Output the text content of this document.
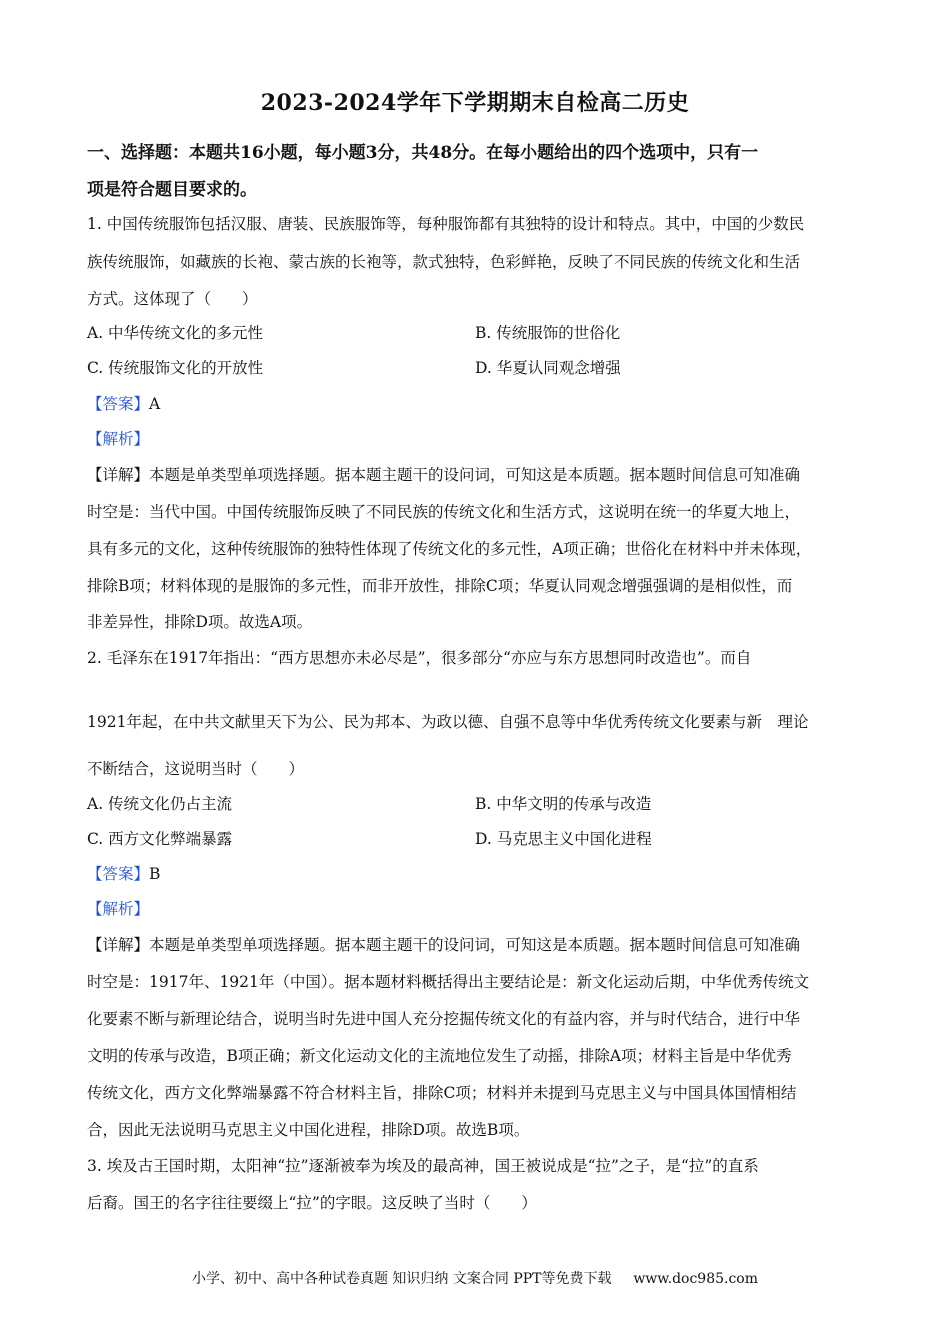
2023-2024学年下学期期末自检高二历史
一、选择题：本题共16小题，每小题3分，共48分。在每小题给出的四个选项中，只有一
项是符合题目要求的。
1. 中国传统服饰包括汉服、唐装、民族服饰等，每种服饰都有其独特的设计和特点。其中，中国的少数民
族传统服饰，如藏族的长袍、蒙古族的长袍等，款式独特，色彩鲜艳，反映了不同民族的传统文化和生活
方式。这体现了（　　）
A. 中华传统文化的多元性	B. 传统服饰的世俗化
C. 传统服饰文化的开放性	D. 华夏认同观念增强
【答案】A
【解析】
【详解】本题是单类型单项选择题。据本题主题干的设问词，可知这是本质题。据本题时间信息可知准确
时空是：当代中国。中国传统服饰反映了不同民族的传统文化和生活方式，这说明在统一的华夏大地上，
具有多元的文化，这种传统服饰的独特性体现了传统文化的多元性，A项正确；世俗化在材料中并未体现，
排除B项；材料体现的是服饰的多元性，而非开放性，排除C项；华夏认同观念增强强调的是相似性，而
非差异性，排除D项。故选A项。
2. 毛泽东在1917年指出：“西方思想亦未必尽是”，很多部分“亦应与东方思想同时改造也”。而自
1921年起，在中共文献里天下为公、民为邦本、为政以德、自强不息等中华优秀传统文化要素与新　理论
不断结合，这说明当时（　　）
A. 传统文化仍占主流	B. 中华文明的传承与改造
C. 西方文化弊端暴露	D. 马克思主义中国化进程
【答案】B
【解析】
【详解】本题是单类型单项选择题。据本题主题干的设问词，可知这是本质题。据本题时间信息可知准确
时空是：1917年、1921年（中国）。据本题材料概括得出主要结论是：新文化运动后期，中华优秀传统文
化要素不断与新理论结合，说明当时先进中国人充分挖掘传统文化的有益内容，并与时代结合，进行中华
文明的传承与改造，B项正确；新文化运动文化的主流地位发生了动摇，排除A项；材料主旨是中华优秀
传统文化，西方文化弊端暴露不符合材料主旨，排除C项；材料并未提到马克思主义与中国具体国情相结
合，因此无法说明马克思主义中国化进程，排除D项。故选B项。
3. 埃及古王国时期，太阳神“拉”逐渐被奉为埃及的最高神，国王被说成是“拉”之子，是“拉”的直系
后裔。国王的名字往往要缀上“拉”的字眼。这反映了当时（　　）
小学、初中、高中各种试卷真题 知识归纳 文案合同 PPT等免费下载 www.doc985.com
